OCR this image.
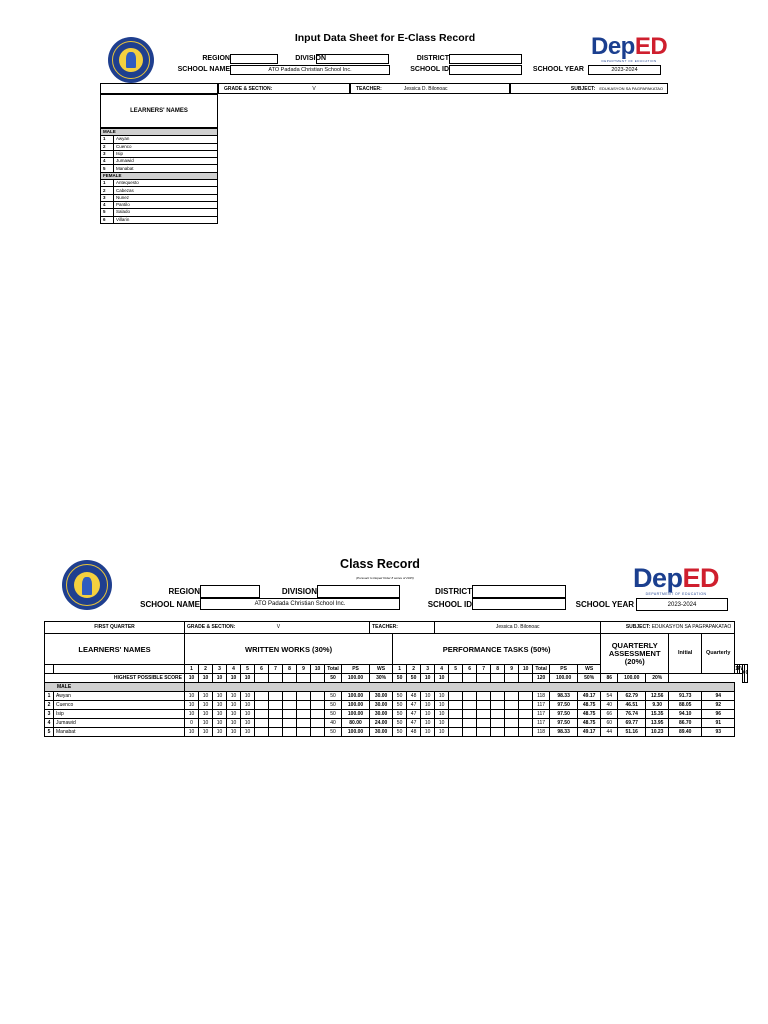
Input Data Sheet for E-Class Record
REGION	DIVISION	DISTRICT
SCHOOL NAME	ATO Padada Christian School Inc.	SCHOOL ID	SCHOOL YEAR	2023-2024
DepED
DEPARTMENT OF EDUCATION
GRADE & SECTION:	V	TEACHER:	Jessica D. Bilonoac	SUBJECT: EDUKASYON SA PAGPAPAKATAO
LEARNERS' NAMES
MALE	
1	Awyan
2	Cuenco
3	Isip
4	Jumawid
5	Manabat
FEMALE	
1	Antequesto
2	Cabezas
3	Nunez
4	Pantilo
5	Salado
6	Villarin
Class Record
(Pursuant to Deped Order 8 series of 2015)
REGION	DIVISION	DISTRICT
SCHOOL NAME	ATO Padada Christian School Inc.	SCHOOL ID	SCHOOL YEAR	2023-2024
DepED
DEPARTMENT OF EDUCATION
FIRST QUARTER		GRADE & SECTION: V												TEACHER:				Jessica D. Bilonoac										SUBJECT: EDUKASYON SA PAGPAPAKATAO									
LEARNERS' NAMES		WRITTEN WORKS (30%)													PERFORMANCE TASKS (50%)													QUARTERLY ASSESSMENT (20%)			Initial	Quarterly					
		1	2	3	4	5	6	7	8	9	10	Total	PS	WS	1	2	3	4	5	6	7	8	9	10	Total	PS	WS					
HIGHEST POSSIBLE SCORE		10	10	10	10	10						50	100.00	30%	50	50	10	10							120	100.00	50%	86	100.00	20%							
MALE																																					
1	Awyan	10	10	10	10	10						50	100.00	30.00	50	48	10	10							118	98.33	49.17	54	62.79	12.56	91.73	94					
2	Cuenco	10	10	10	10	10						50	100.00	30.00	50	47	10	10							117	97.50	48.75	40	46.51	9.30	88.05	92					
3	Isip	10	10	10	10	10						50	100.00	30.00	50	47	10	10							117	97.50	48.75	66	76.74	15.35	94.10	96					
4	Jumawid	0	10	10	10	10						40	80.00	24.00	50	47	10	10							117	97.50	48.75	60	69.77	13.95	86.70	91					
5	Manabat	10	10	10	10	10						50	100.00	30.00	50	48	10	10							118	98.33	49.17	44	51.16	10.23	89.40	93					
